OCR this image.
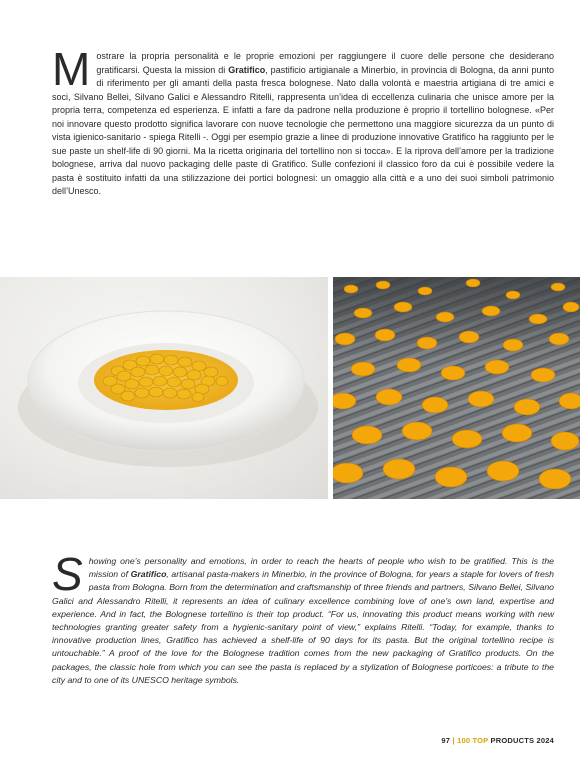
Mostrare la propria personalità e le proprie emozioni per raggiungere il cuore delle persone che desiderano gratificarsi. Questa la mission di Gratifico, pastificio artigianale a Minerbio, in provincia di Bologna, da anni punto di riferimento per gli amanti della pasta fresca bolognese. Nato dalla volontà e maestria artigiana di tre amici e soci, Silvano Bellei, Silvano Galici e Alessandro Ritelli, rappresenta un’idea di eccellenza culinaria che unisce amore per la propria terra, competenza ed esperienza. E infatti a fare da padrone nella produzione è proprio il tortellino bolognese. «Per noi innovare questo prodotto significa lavorare con nuove tecnologie che permettono una maggiore sicurezza da un punto di vista igienico-sanitario - spiega Ritelli -. Oggi per esempio grazie a linee di produzione innovative Gratifico ha raggiunto per le sue paste un shelf-life di 90 giorni. Ma la ricetta originaria del tortellino non si tocca». E la riprova dell’amore per la tradizione bolognese, arriva dal nuovo packaging delle paste di Gratifico. Sulle confezioni il classico foro da cui è possibile vedere la pasta è sostituito infatti da una stilizzazione dei portici bolognesi: un omaggio alla città e a uno dei suoi simboli patrimonio dell’Unesco.

Showing one’s personality and emotions, in order to reach the hearts of people who wish to be gratified. This is the mission of Gratifico, artisanal pasta-makers in Minerbio, in the province of Bologna, for years a staple for lovers of fresh pasta from Bologna. Born from the determination and craftsmanship of three friends and partners, Silvano Bellei, Silvano Galici and Alessandro Ritelli, it represents an idea of culinary excellence combining love of one’s own land, expertise and experience. And in fact, the Bolognese tortellino is their top product. “For us, innovating this product means working with new technologies granting greater safety from a hygienic-sanitary point of view,” explains Ritelli. “Today, for example, thanks to innovative production lines, Gratifico has achieved a shelf-life of 90 days for its pasta. But the original tortellino recipe is untouchable.” A proof of the love for the Bolognese tradition comes from the new packaging of Gratifico products. On the packages, the classic hole from which you can see the pasta is replaced by a stylization of Bolognese porticoes: a tribute to the city and to one of its UNESCO heritage symbols.

97 | 100 TOP PRODUCTS 2024
